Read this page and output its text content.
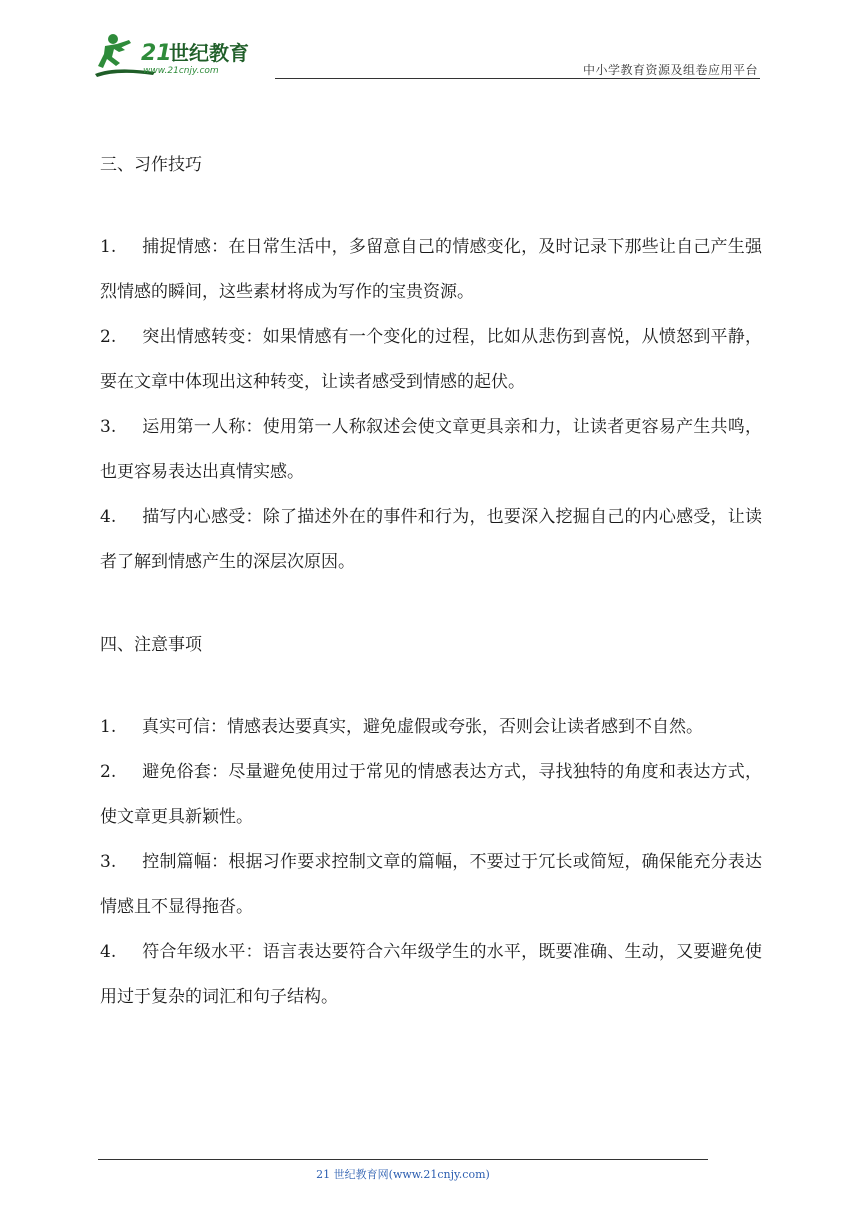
21
世纪教育
www.21cnjy.com	中小学教育资源及组卷应用平台
三、习作技巧

1. 捕捉情感：在日常生活中，多留意自己的情感变化，及时记录下那些让自己产生强烈情感的瞬间，这些素材将成为写作的宝贵资源。

2. 突出情感转变：如果情感有一个变化的过程，比如从悲伤到喜悦，从愤怒到平静，要在文章中体现出这种转变，让读者感受到情感的起伏。

3. 运用第一人称：使用第一人称叙述会使文章更具亲和力，让读者更容易产生共鸣，也更容易表达出真情实感。

4. 描写内心感受：除了描述外在的事件和行为，也要深入挖掘自己的内心感受，让读者了解到情感产生的深层次原因。

四、注意事项

1. 真实可信：情感表达要真实，避免虚假或夸张，否则会让读者感到不自然。

2. 避免俗套：尽量避免使用过于常见的情感表达方式，寻找独特的角度和表达方式，使文章更具新颖性。

3. 控制篇幅：根据习作要求控制文章的篇幅，不要过于冗长或简短，确保能充分表达情感且不显得拖沓。

4. 符合年级水平：语言表达要符合六年级学生的水平，既要准确、生动，又要避免使用过于复杂的词汇和句子结构。

21 世纪教育网(www.21cnjy.com)
